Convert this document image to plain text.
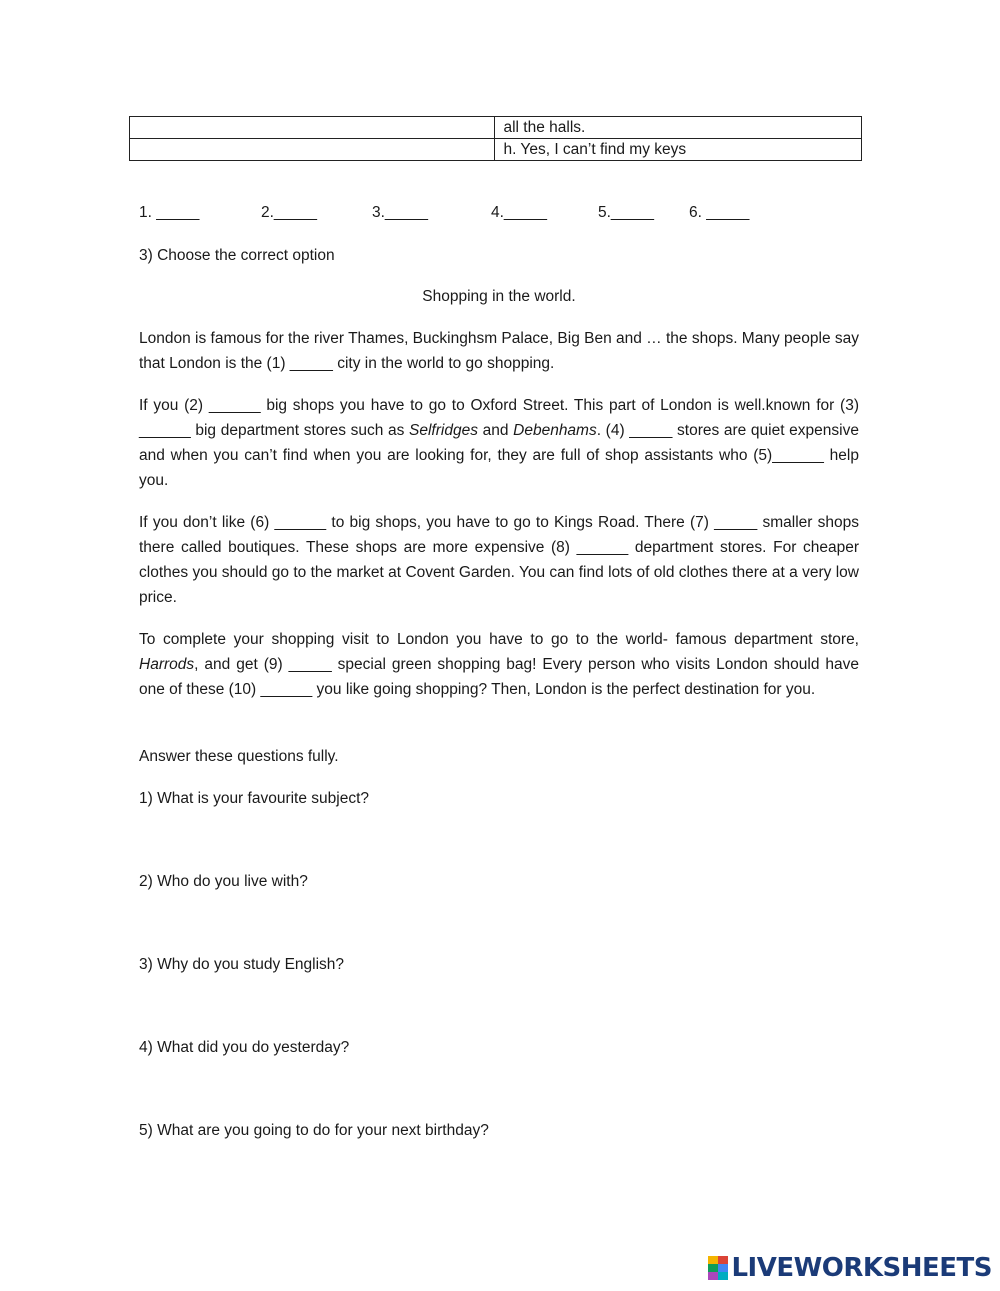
	all the halls.
	h. Yes, I can’t find my keys
1. _____	2._____	3._____	4._____	5._____ 6. _____

3) Choose the correct option

Shopping in the world.

London is famous for the river Thames, Buckinghsm Palace, Big Ben and … the shops. Many people say that London is the (1) _____ city in the world to go shopping.

If you (2) ______ big shops you have to go to Oxford Street. This part of London is well.known for (3) ______ big department stores such as Selfridges and Debenhams. (4) _____ stores are quiet expensive and when you can’t find when you are looking for, they are full of shop assistants who (5)______ help you.

If you don’t like (6) ______ to big shops, you have to go to Kings Road. There (7) _____ smaller shops there called boutiques. These shops are more expensive (8) ______ department stores. For cheaper clothes you should go to the market at Covent Garden. You can find lots of old clothes there at a very low price.

To complete your shopping visit to London you have to go to the world- famous department store, Harrods, and get (9) _____ special green shopping bag! Every person who visits London should have one of these (10) ______ you like going shopping? Then, London is the perfect destination for you.

Answer these questions fully.

1) What is your favourite subject?

2) Who do you live with?

3) Why do you study English?

4) What did you do yesterday?

5) What are you going to do for your next birthday?

LIVEWORKSHEETS
